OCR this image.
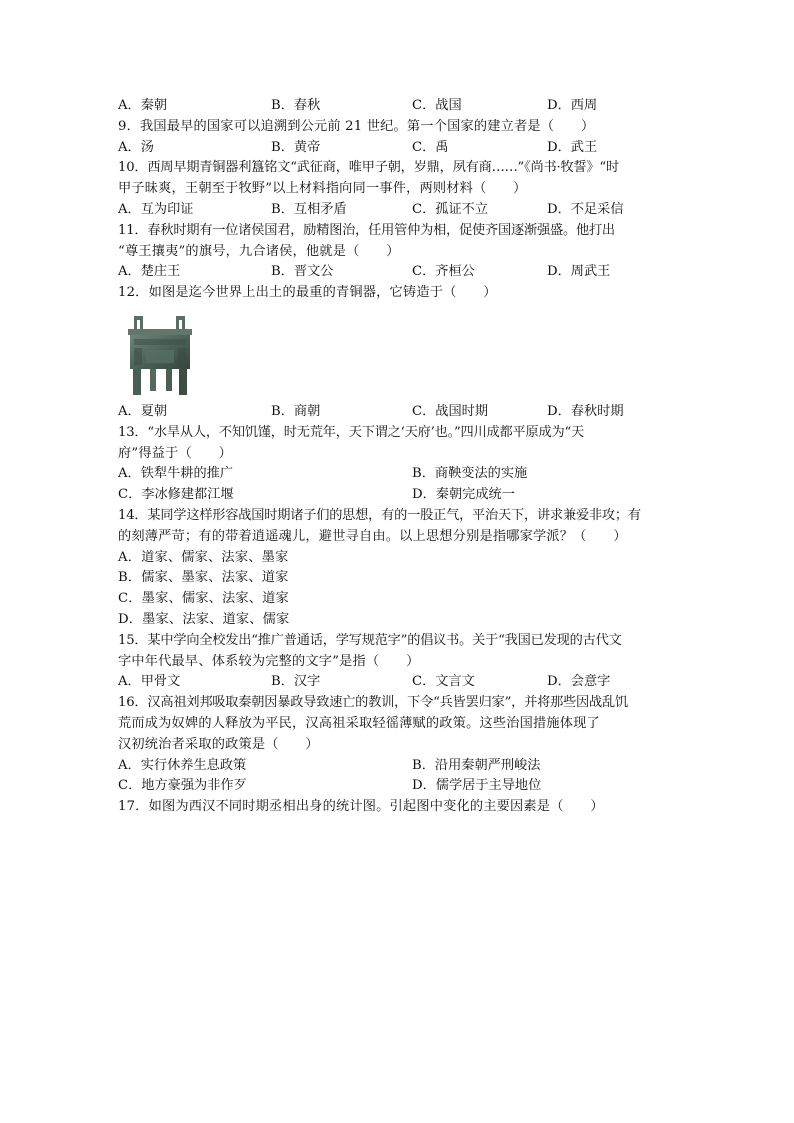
A．秦朝	B．春秋	C．战国	D．西周
9．我国最早的国家可以追溯到公元前 21 世纪。第一个国家的建立者是（　　）
A．汤	B．黄帝	C．禹	D．武王
10．西周早期青铜器利簋铭文“武征商，唯甲子朝，岁鼎，夙有商……”《尚书·牧誓》“时
甲子昧爽，王朝至于牧野”以上材料指向同一事件，两则材料（　　）
A．互为印证	B．互相矛盾	C．孤证不立	D．不足采信
11．春秋时期有一位诸侯国君，励精图治，任用管仲为相，促使齐国逐渐强盛。他打出
“尊王攘夷”的旗号，九合诸侯，他就是（　　）
A．楚庄王	B．晋文公	C．齐桓公	D．周武王
12．如图是迄今世界上出土的最重的青铜器，它铸造于（　　）
A．夏朝	B．商朝	C．战国时期	D．春秋时期
13．“水旱从人，不知饥馑，时无荒年，天下谓之‘天府’也。”四川成都平原成为“天
府”得益于（　　）
A．铁犁牛耕的推广	B．商鞅变法的实施
C．李冰修建都江堰	D．秦朝完成统一
14．某同学这样形容战国时期诸子们的思想，有的一股正气，平治天下，讲求兼爱非攻；有
的刻薄严苛；有的带着逍遥魂儿，避世寻自由。以上思想分别是指哪家学派？（　　）
A．道家、儒家、法家、墨家
B．儒家、墨家、法家、道家
C．墨家、儒家、法家、道家
D．墨家、法家、道家、儒家
15．某中学向全校发出“推广普通话，学写规范字”的倡议书。关于“我国已发现的古代文
字中年代最早、体系较为完整的文字”是指（　　）
A．甲骨文	B．汉字	C．文言文	D．会意字
16．汉高祖刘邦吸取秦朝因暴政导致速亡的教训，下令“兵皆罢归家”，并将那些因战乱饥
荒而成为奴婢的人释放为平民，汉高祖采取轻徭薄赋的政策。这些治国措施体现了
汉初统治者采取的政策是（　　）
A．实行休养生息政策	B．沿用秦朝严刑峻法
C．地方豪强为非作歹	D．儒学居于主导地位
17．如图为西汉不同时期丞相出身的统计图。引起图中变化的主要因素是（　　）
